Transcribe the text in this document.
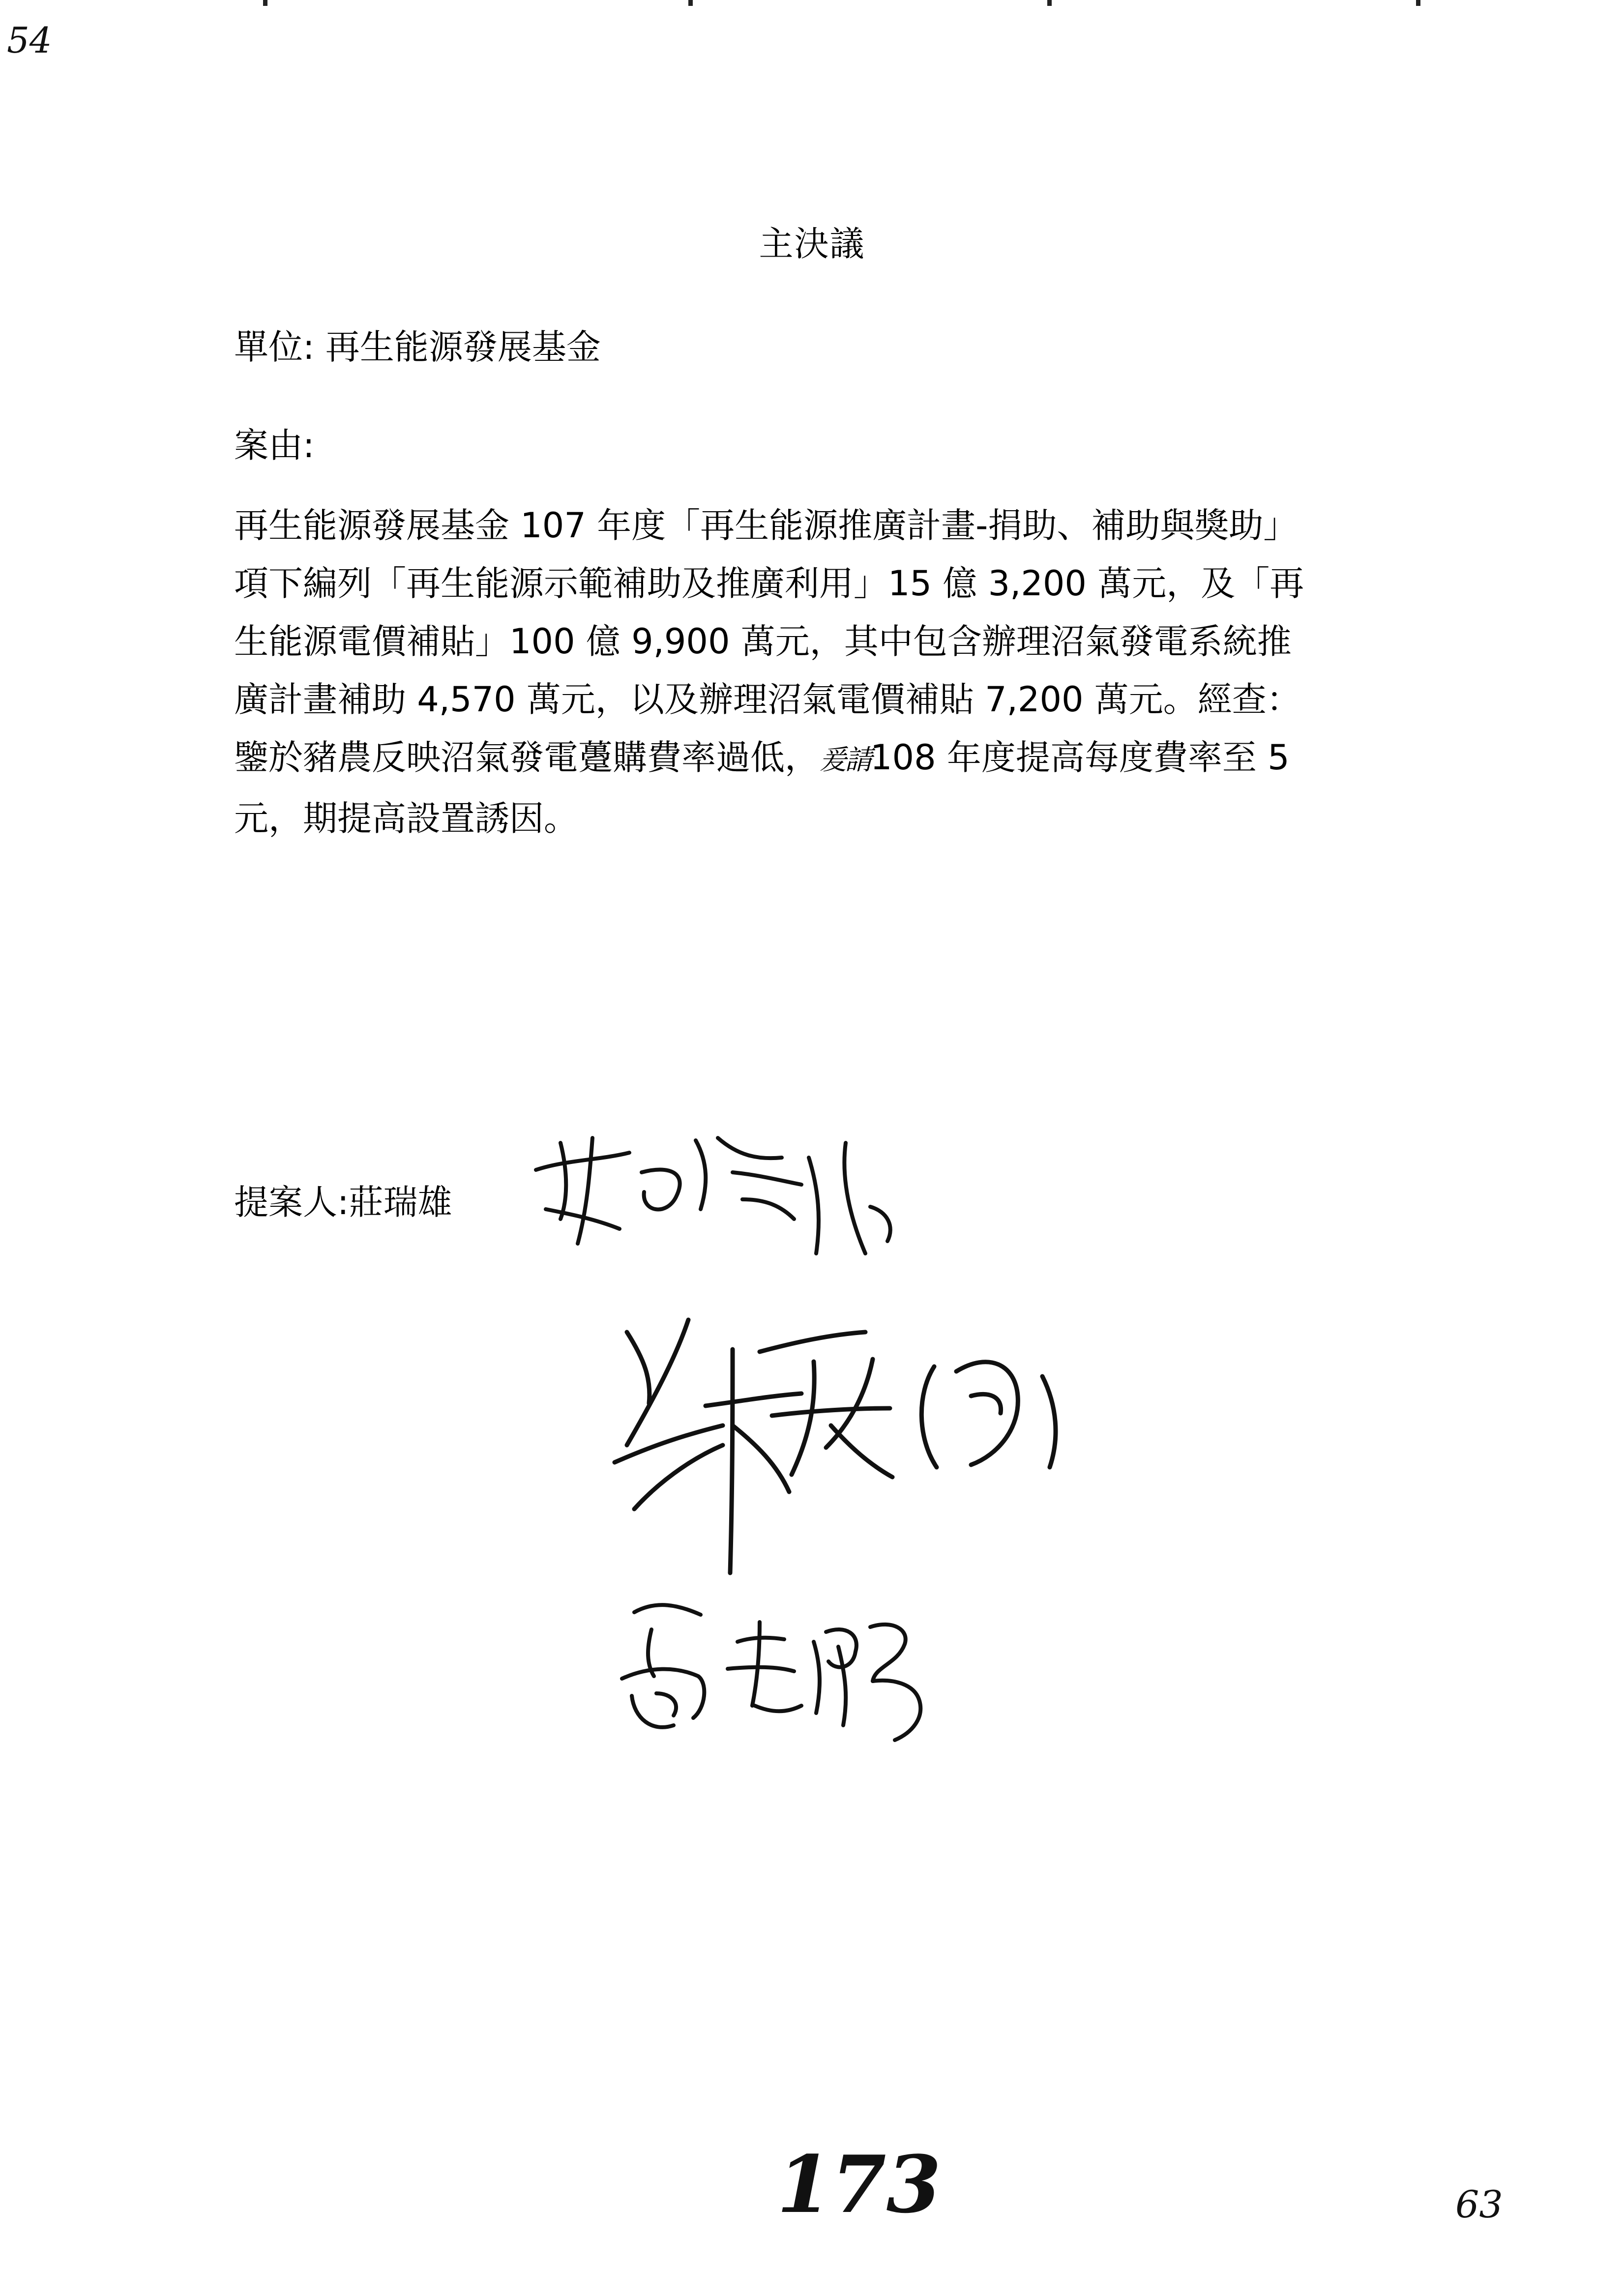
54
主決議
單位: 再生能源發展基金
案由:

再生能源發展基金 107 年度「再生能源推廣計畫-捐助、補助與獎助」

項下編列「再生能源示範補助及推廣利用」15 億 3,200 萬元，及「再

生能源電價補貼」100 億 9,900 萬元，其中包含辦理沼氣發電系統推

廣計畫補助 4,570 萬元，以及辦理沼氣電價補貼 7,200 萬元。經查：

鑒於豬農反映沼氣發電躉購費率過低，爰請108 年度提高每度費率至 5

元，期提高設置誘因。

提案人:莊瑞雄
173	63
